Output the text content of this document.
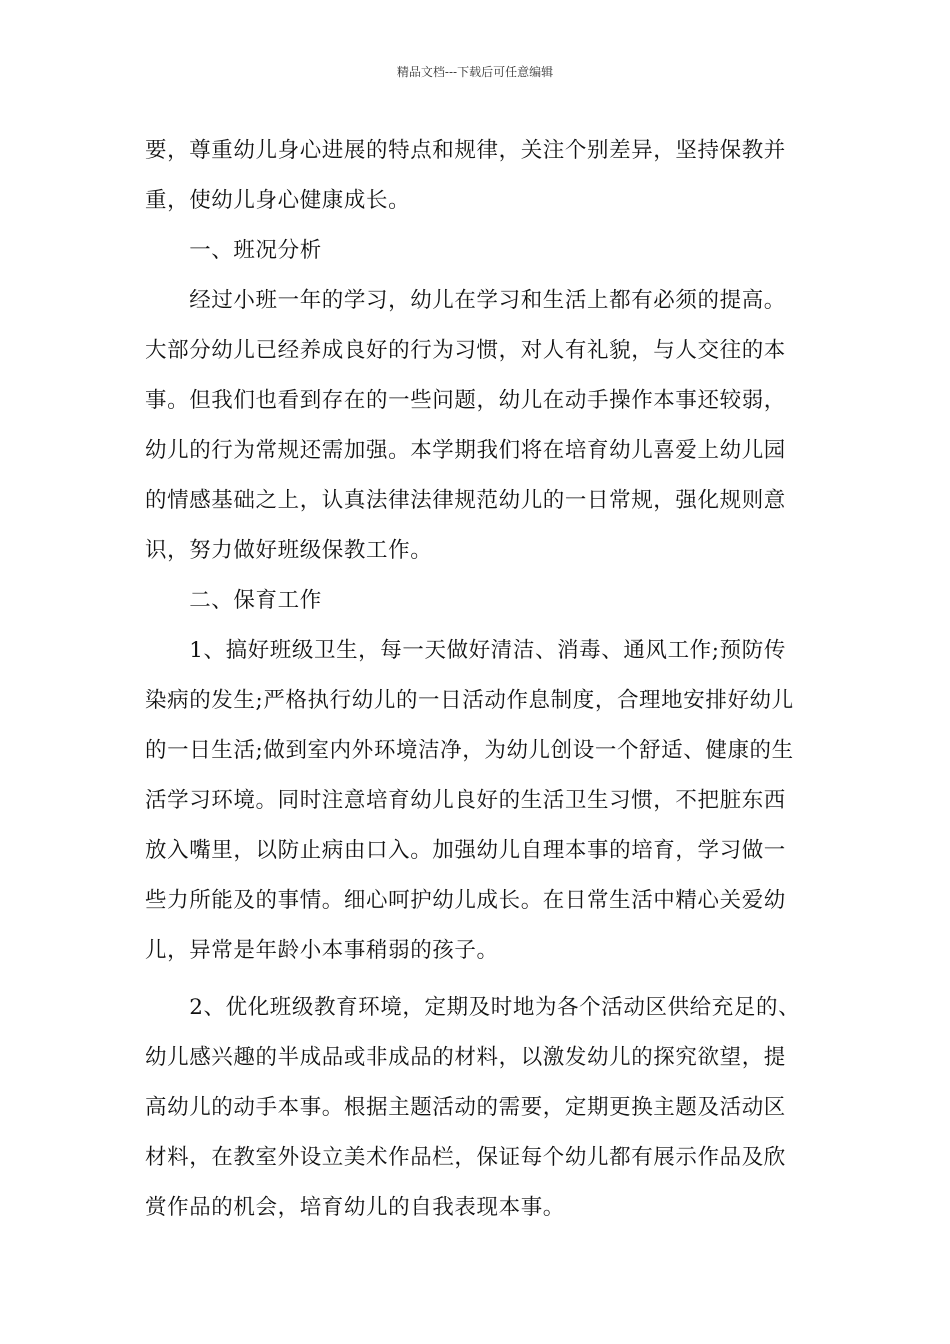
精品文档---下载后可任意编辑
要，尊重幼儿身心进展的特点和规律，关注个别差异，坚持保教并
重，使幼儿身心健康成长。
　　一、班况分析
　　经过小班一年的学习，幼儿在学习和生活上都有必须的提高。
大部分幼儿已经养成良好的行为习惯，对人有礼貌，与人交往的本
事。但我们也看到存在的一些问题，幼儿在动手操作本事还较弱，
幼儿的行为常规还需加强。本学期我们将在培育幼儿喜爱上幼儿园
的情感基础之上，认真法律法律规范幼儿的一日常规，强化规则意
识，努力做好班级保教工作。
　　二、保育工作
　　1、搞好班级卫生，每一天做好清洁、消毒、通风工作;预防传
染病的发生;严格执行幼儿的一日活动作息制度，合理地安排好幼儿
的一日生活;做到室内外环境洁净，为幼儿创设一个舒适、健康的生
活学习环境。同时注意培育幼儿良好的生活卫生习惯，不把脏东西
放入嘴里，以防止病由口入。加强幼儿自理本事的培育，学习做一
些力所能及的事情。细心呵护幼儿成长。在日常生活中精心关爱幼
儿，异常是年龄小本事稍弱的孩子。
　　2、优化班级教育环境，定期及时地为各个活动区供给充足的、
幼儿感兴趣的半成品或非成品的材料，以激发幼儿的探究欲望，提
高幼儿的动手本事。根据主题活动的需要，定期更换主题及活动区
材料，在教室外设立美术作品栏，保证每个幼儿都有展示作品及欣
赏作品的机会，培育幼儿的自我表现本事。
